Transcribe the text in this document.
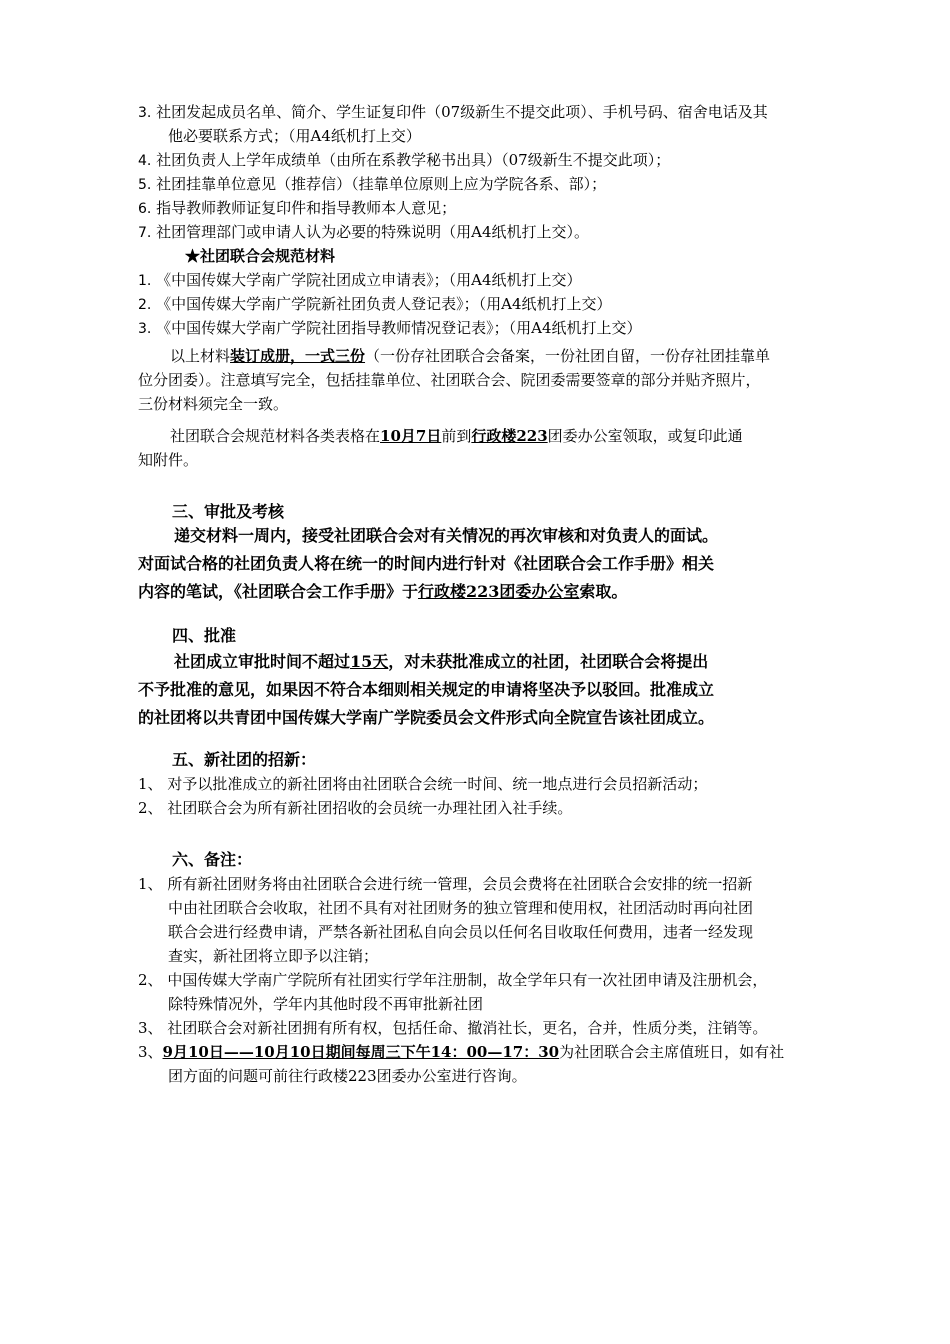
3. 社团发起成员名单、简介、学生证复印件（07级新生不提交此项）、手机号码、宿舍电话及其
他必要联系方式；（用A4纸机打上交）
4. 社团负责人上学年成绩单（由所在系教学秘书出具）（07级新生不提交此项）；
5. 社团挂靠单位意见（推荐信）（挂靠单位原则上应为学院各系、部）；
6. 指导教师教师证复印件和指导教师本人意见；
7. 社团管理部门或申请人认为必要的特殊说明（用A4纸机打上交）。
★社团联合会规范材料
1. 《中国传媒大学南广学院社团成立申请表》；（用A4纸机打上交）
2. 《中国传媒大学南广学院新社团负责人登记表》；（用A4纸机打上交）
3. 《中国传媒大学南广学院社团指导教师情况登记表》；（用A4纸机打上交）
以上材料装订成册，一式三份（一份存社团联合会备案，一份社团自留，一份存社团挂靠单
位分团委）。注意填写完全，包括挂靠单位、社团联合会、院团委需要签章的部分并贴齐照片，
三份材料须完全一致。
社团联合会规范材料各类表格在10月7日前到行政楼223团委办公室领取，或复印此通
知附件。
三、审批及考核
递交材料一周内，接受社团联合会对有关情况的再次审核和对负责人的面试。
对面试合格的社团负责人将在统一的时间内进行针对《社团联合会工作手册》相关
内容的笔试，《社团联合会工作手册》于行政楼223团委办公室索取。
四、批准
社团成立审批时间不超过15天，对未获批准成立的社团，社团联合会将提出
不予批准的意见，如果因不符合本细则相关规定的申请将坚决予以驳回。批准成立
的社团将以共青团中国传媒大学南广学院委员会文件形式向全院宣告该社团成立。
五、新社团的招新：
1、 对予以批准成立的新社团将由社团联合会统一时间、统一地点进行会员招新活动；
2、 社团联合会为所有新社团招收的会员统一办理社团入社手续。
六、备注：
1、 所有新社团财务将由社团联合会进行统一管理，会员会费将在社团联合会安排的统一招新
中由社团联合会收取，社团不具有对社团财务的独立管理和使用权，社团活动时再向社团
联合会进行经费申请，严禁各新社团私自向会员以任何名目收取任何费用，违者一经发现
查实，新社团将立即予以注销；
2、 中国传媒大学南广学院所有社团实行学年注册制，故全学年只有一次社团申请及注册机会，
除特殊情况外，学年内其他时段不再审批新社团
3、 社团联合会对新社团拥有所有权，包括任命、撤消社长，更名，合并，性质分类，注销等。
3、9月10日——10月10日期间每周三下午14：00—17：30为社团联合会主席值班日，如有社
团方面的问题可前往行政楼223团委办公室进行咨询。
